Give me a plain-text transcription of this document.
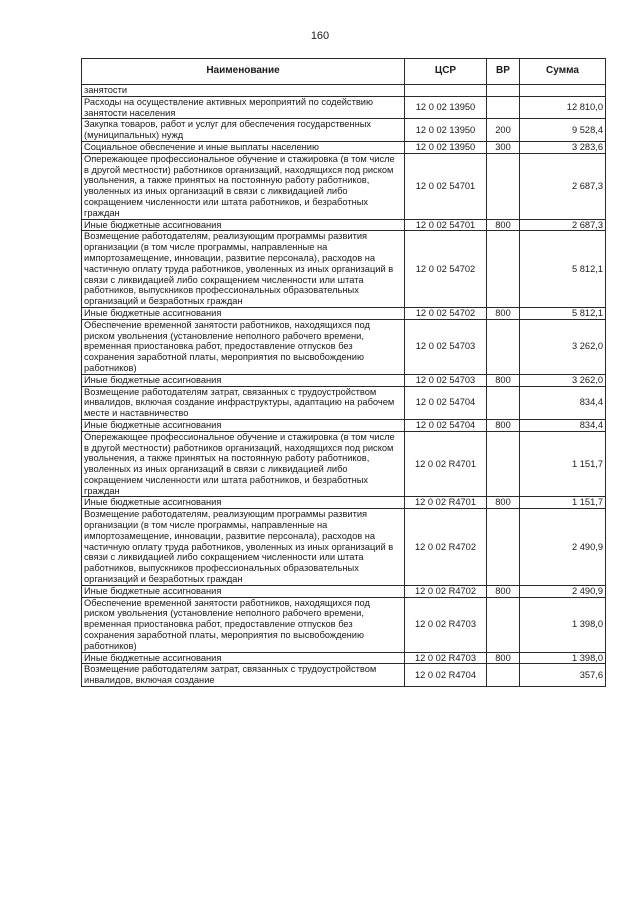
160
Наименование	ЦСР	ВР	Сумма
занятости			
Расходы на осуществление активных мероприятий по содействию занятости населения	12 0 02 13950		12 810,0
Закупка товаров, работ и услуг для обеспечения государственных (муниципальных) нужд	12 0 02 13950	200	9 528,4
Социальное обеспечение и иные выплаты населению	12 0 02 13950	300	3 283,6
Опережающее профессиональное обучение и стажировка (в том числе в другой местности) работников организаций, находящихся под риском увольнения, а также принятых на постоянную работу работников, уволенных из иных организаций в связи с ликвидацией либо сокращением численности или штата работников, и безработных граждан	12 0 02 54701		2 687,3
Иные бюджетные ассигнования	12 0 02 54701	800	2 687,3
Возмещение работодателям, реализующим программы развития организации (в том числе программы, направленные на импортозамещение, инновации, развитие персонала), расходов на частичную оплату труда работников, уволенных из иных организаций в связи с ликвидацией либо сокращением численности или штата работников, выпускников профессиональных образовательных организаций и безработных граждан	12 0 02 54702		5 812,1
Иные бюджетные ассигнования	12 0 02 54702	800	5 812,1
Обеспечение временной занятости работников, находящихся под риском увольнения (установление неполного рабочего времени, временная приостановка работ, предоставление отпусков без сохранения заработной платы, мероприятия по высвобождению работников)	12 0 02 54703		3 262,0
Иные бюджетные ассигнования	12 0 02 54703	800	3 262,0
Возмещение работодателям затрат, связанных с трудоустройством инвалидов, включая создание инфраструктуры, адаптацию на рабочем месте и наставничество	12 0 02 54704		834,4
Иные бюджетные ассигнования	12 0 02 54704	800	834,4
Опережающее профессиональное обучение и стажировка (в том числе в другой местности) работников организаций, находящихся под риском увольнения, а также принятых на постоянную работу работников, уволенных из иных организаций в связи с ликвидацией либо сокращением численности или штата работников, и безработных граждан	12 0 02 R4701		1 151,7
Иные бюджетные ассигнования	12 0 02 R4701	800	1 151,7
Возмещение работодателям, реализующим программы развития организации (в том числе программы, направленные на импортозамещение, инновации, развитие персонала), расходов на частичную оплату труда работников, уволенных из иных организаций в связи с ликвидацией либо сокращением численности или штата работников, выпускников профессиональных образовательных организаций и безработных граждан	12 0 02 R4702		2 490,9
Иные бюджетные ассигнования	12 0 02 R4702	800	2 490,9
Обеспечение временной занятости работников, находящихся под риском увольнения (установление неполного рабочего времени, временная приостановка работ, предоставление отпусков без сохранения заработной платы, мероприятия по высвобождению работников)	12 0 02 R4703		1 398,0
Иные бюджетные ассигнования	12 0 02 R4703	800	1 398,0
Возмещение работодателям затрат, связанных с трудоустройством инвалидов, включая создание	12 0 02 R4704		357,6
